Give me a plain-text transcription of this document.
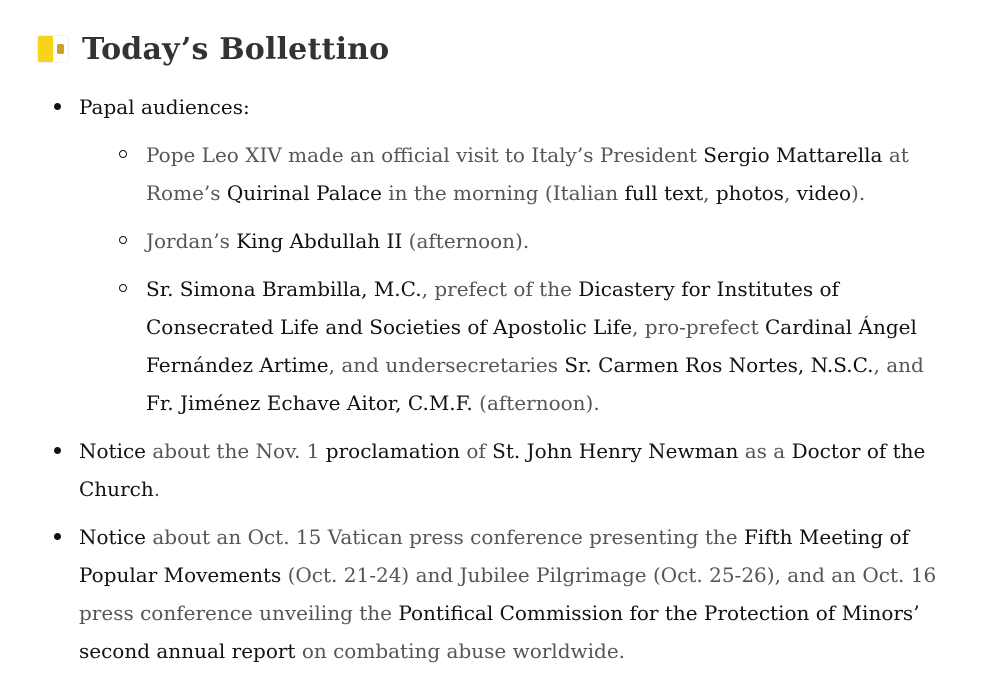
Today’s Bollettino
Papal audiences:
Pope Leo XIV made an official visit to Italy’s President Sergio Mattarella at Rome’s Quirinal Palace in the morning (Italian full text, photos, video).
Jordan’s King Abdullah II (afternoon).
Sr. Simona Brambilla, M.C., prefect of the Dicastery for Institutes of Consecrated Life and Societies of Apostolic Life, pro-prefect Cardinal Ángel Fernández Artime, and undersecretaries Sr. Carmen Ros Nortes, N.S.C., and Fr. Jiménez Echave Aitor, C.M.F. (afternoon).
Notice about the Nov. 1 proclamation of St. John Henry Newman as a Doctor of the Church.
Notice about an Oct. 15 Vatican press conference presenting the Fifth Meeting of Popular Movements (Oct. 21-24) and Jubilee Pilgrimage (Oct. 25-26), and an Oct. 16 press conference unveiling the Pontifical Commission for the Protection of Minors’ second annual report on combating abuse worldwide.
